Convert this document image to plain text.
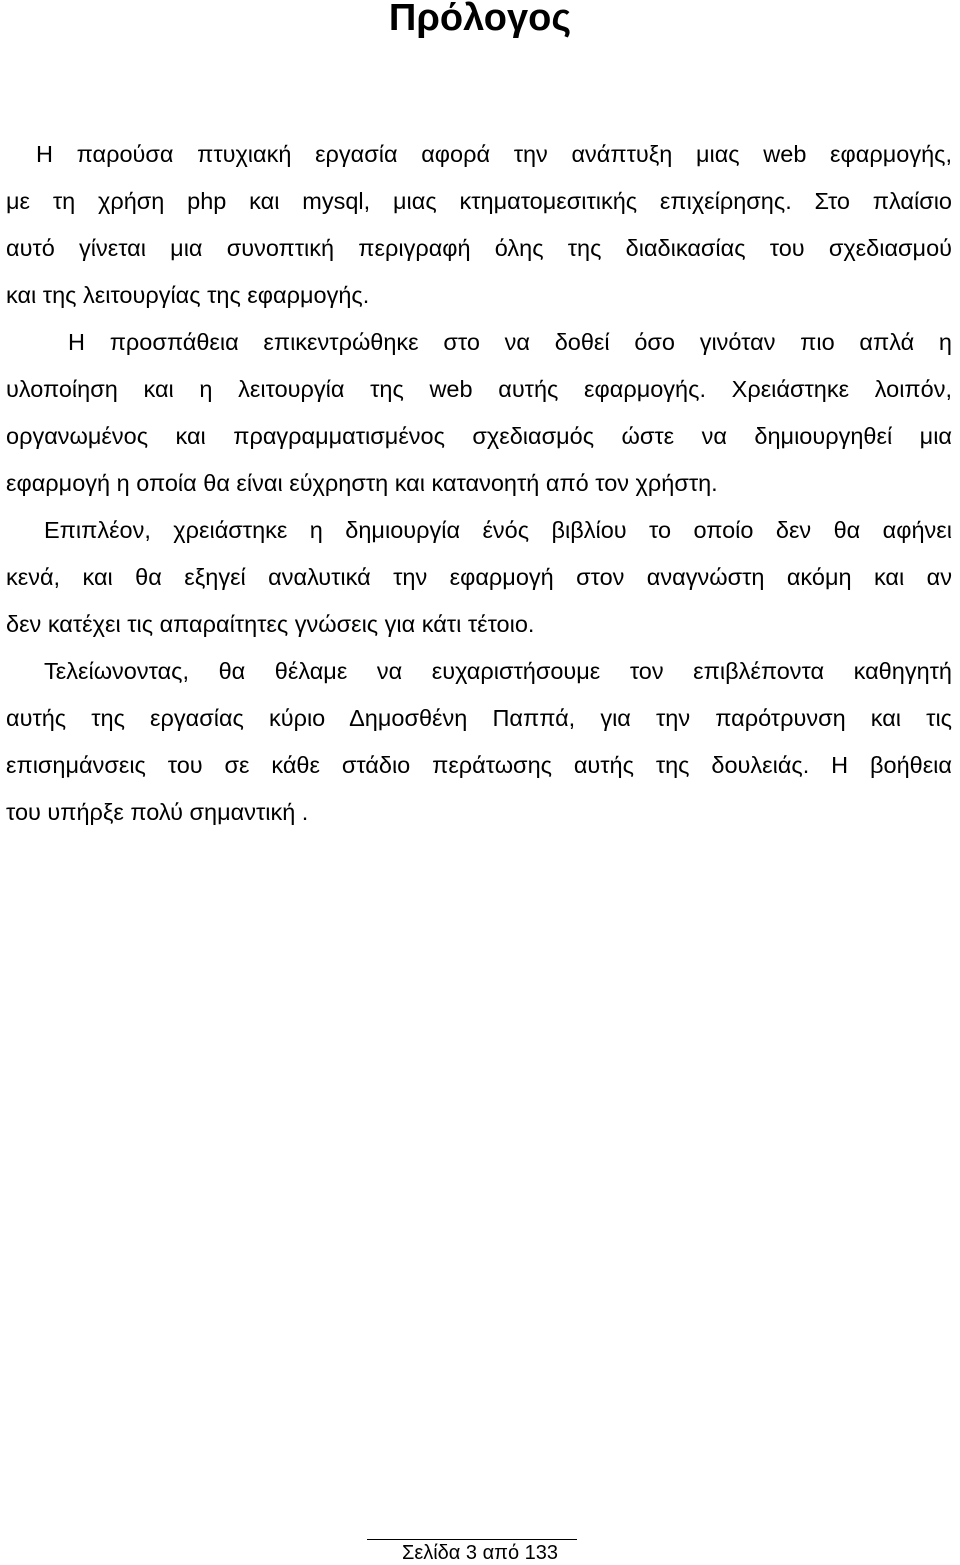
Πρόλογος

Η παρούσα πτυχιακή εργασία αφορά την ανάπτυξη μιας web εφαρμογής,
με τη χρήση php και mysql, μιας κτηματομεσιτικής επιχείρησης. Στο πλαίσιο
αυτό γίνεται μια συνοπτική περιγραφή όλης της διαδικασίας του σχεδιασμού
και της λειτουργίας της εφαρμογής.

Η προσπάθεια επικεντρώθηκε στο να δοθεί όσο γινόταν πιο απλά η
υλοποίηση και η λειτουργία της web αυτής εφαρμογής. Χρειάστηκε λοιπόν,
οργανωμένος και πραγραμματισμένος σχεδιασμός ώστε να δημιουργηθεί μια
εφαρμογή η οποία θα είναι εύχρηστη και κατανοητή από τον χρήστη.

Επιπλέον, χρειάστηκε η δημιουργία ένός βιβλίου το οποίο δεν θα αφήνει
κενά, και θα εξηγεί αναλυτικά την εφαρμογή στον αναγνώστη ακόμη και αν
δεν κατέχει τις απαραίτητες γνώσεις για κάτι τέτοιο.

Τελείωνοντας, θα θέλαμε να ευχαριστήσουμε τον επιβλέποντα καθηγητή
αυτής της εργασίας κύριο Δημοσθένη Παππά, για την παρότρυνση και τις
επισημάνσεις του σε κάθε στάδιο περάτωσης αυτής της δουλειάς. Η βοήθεια
του υπήρξε πολύ σημαντική .

Σελίδα 3 από 133
